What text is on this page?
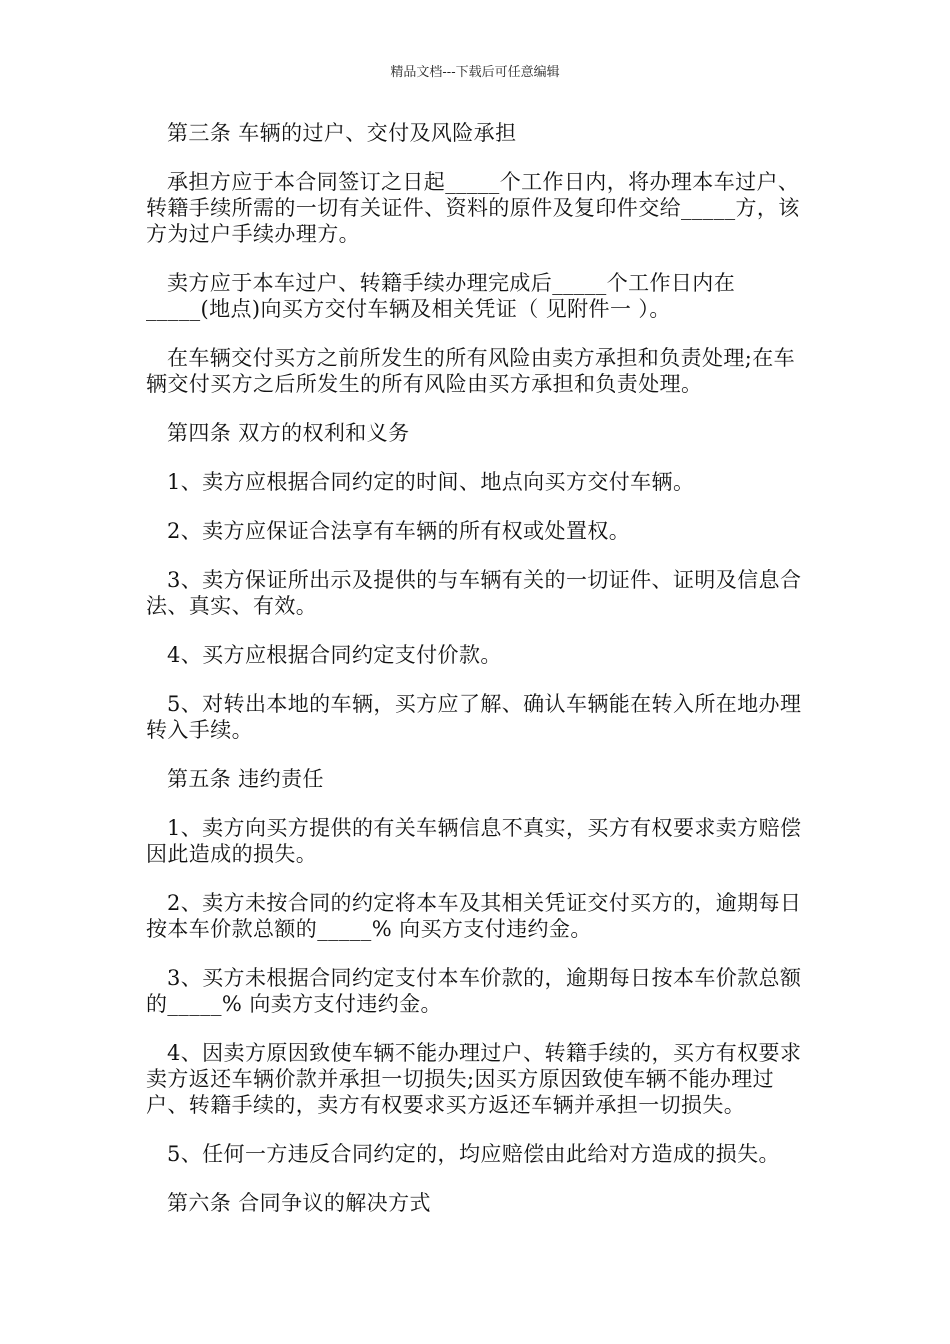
精品文档---下载后可任意编辑

第三条 车辆的过户、交付及风险承担

承担方应于本合同签订之日起_____个工作日内，将办理本车过户、转籍手续所需的一切有关证件、资料的原件及复印件交给_____方，该方为过户手续办理方。

卖方应于本车过户、转籍手续办理完成后_____个工作日内在 _____(地点)向买方交付车辆及相关凭证（ 见附件一 ）。

在车辆交付买方之前所发生的所有风险由卖方承担和负责处理;在车辆交付买方之后所发生的所有风险由买方承担和负责处理。

第四条 双方的权利和义务

1、卖方应根据合同约定的时间、地点向买方交付车辆。

2、卖方应保证合法享有车辆的所有权或处置权。

3、卖方保证所出示及提供的与车辆有关的一切证件、证明及信息合法、真实、有效。

4、买方应根据合同约定支付价款。

5、对转出本地的车辆，买方应了解、确认车辆能在转入所在地办理转入手续。

第五条 违约责任

1、卖方向买方提供的有关车辆信息不真实，买方有权要求卖方赔偿因此造成的损失。

2、卖方未按合同的约定将本车及其相关凭证交付买方的，逾期每日按本车价款总额的_____% 向买方支付违约金。

3、买方未根据合同约定支付本车价款的，逾期每日按本车价款总额的_____% 向卖方支付违约金。

4、因卖方原因致使车辆不能办理过户、转籍手续的，买方有权要求卖方返还车辆价款并承担一切损失;因买方原因致使车辆不能办理过户、转籍手续的，卖方有权要求买方返还车辆并承担一切损失。

5、任何一方违反合同约定的，均应赔偿由此给对方造成的损失。

第六条 合同争议的解决方式
